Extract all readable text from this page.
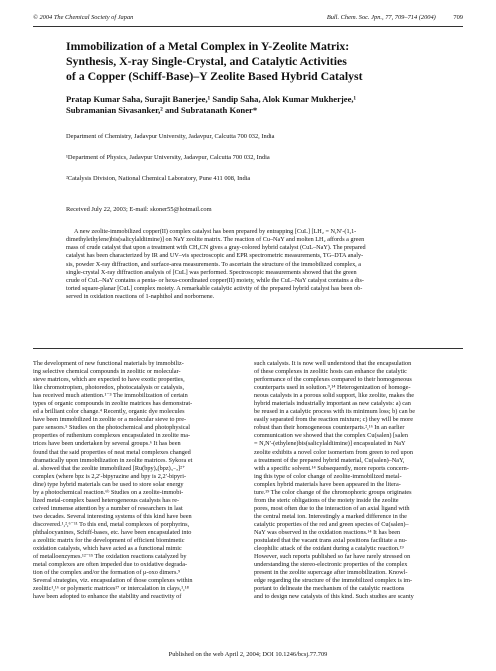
© 2004 The Chemical Society of Japan	Bull. Chem. Soc. Jpn., 77, 709–714 (2004)	709
Immobilization of a Metal Complex in Y-Zeolite Matrix:
Synthesis, X-ray Single-Crystal, and Catalytic Activities
of a Copper (Schiff-Base)–Y Zeolite Based Hybrid Catalyst
Pratap Kumar Saha, Surajit Banerjee,¹ Sandip Saha, Alok Kumar Mukherjee,¹
Subramanian Sivasanker,² and Subratanath Koner*
Department of Chemistry, Jadavpur University, Jadavpur, Calcutta 700 032, India
¹Department of Physics, Jadavpur University, Jadavpur, Calcutta 700 032, India
²Catalysis Division, National Chemical Laboratory, Pune 411 008, India
Received July 22, 2003; E-mail: skoner55@hotmail.com
A new zeolite-immobilized copper(II) complex catalyst has been prepared by entrapping [CuL] [LH₂ = N,N′-(1,1-
dimethylethylene)bis(salicylaldiimine)] on NaY zeolite matrix. The reaction of Cu–NaY and molten LH₂ affords a green
mass of crude catalyst that upon a treatment with CH₃CN gives a gray-colored hybrid catalyst (CuL–NaY). The prepared
catalyst has been characterized by IR and UV–vis spectroscopic and EPR spectrometric measurements, TG–DTA analy-
sis, powder X-ray diffraction, and surface-area measurements. To ascertain the structure of the immobilized complex, a
single-crystal X-ray diffraction analysis of [CuL] was performed. Spectroscopic measurements showed that the green
crude of CuL–NaY contains a penta- or hexa-coordinated copper(II) moiety, while the CuL–NaY catalyst contains a dis-
torted square-planar [CuL] complex moiety. A remarkable catalytic activity of the prepared hybrid catalyst has been ob-
served in oxidation reactions of 1-naphthol and norbornene.
The development of new functional materials by immobiliz-
ing selective chemical compounds in zeolitic or molecular-
sieve matrices, which are expected to have exotic properties,
like chromotropism, photoredox, photocatalysis or catalysis,
has received much attention.¹⁻³ The immobilization of certain
types of organic compounds in zeolite matrices has demonstrat-
ed a brilliant color change.⁴ Recently, organic dye molecules
have been immobilized in zeolite or a molecular sieve to pre-
pare sensors.⁵ Studies on the photochemical and photophysical
properties of ruthenium complexes encapsulated in zeolite ma-
trices have been undertaken by several groups.⁶ It has been
found that the said properties of neat metal complexes changed
dramatically upon immobilization in zeolite matrices. Sykora et
al. showed that the zeolite immobilized [Ru(bpy)ₓ(bpz)₃₋ₓ]²⁺
complex (where bpz is 2,2′-bipyrazine and bpy is 2,2′-bipyri-
dine) type hybrid materials can be used to store solar energy
by a photochemical reaction.⁶ᵇ Studies on a zeolite-immobi-
lized metal-complex based heterogeneous catalysts has re-
ceived immense attention by a number of researchers in last
two decades. Several interesting systems of this kind have been
discovered.¹,²,⁶⁻¹¹ To this end, metal complexes of porphyrins,
phthalocyanines, Schiff-bases, etc. have been encapsulated into
a zeolitic matrix for the development of efficient biomimetic
oxidation catalysts, which have acted as a functional mimic
of metalloenzymes.¹²⁻¹⁵ The oxidation reactions catalyzed by
metal complexes are often impeded due to oxidative degrada-
tion of the complex and/or the formation of μ-oxo dimers.⁹
Several strategies, viz. encapsulation of those complexes within
zeolitic¹,¹⁶ or polymeric matrices¹⁷ or intercalation in clays,¹,¹⁸
have been adopted to enhance the stability and reactivity of
such catalysts. It is now well understood that the encapsulation
of these complexes in zeolitic hosts can enhance the catalytic
performance of the complexes compared to their homogeneous
counterparts used in solution.⁹,¹⁴ Heterogenization of homoge-
neous catalysts in a porous solid support, like zeolite, makes the
hybrid materials industrially important as new catalysts: a) can
be reused in a catalytic process with its minimum loss; b) can be
easily separated from the reaction mixture; c) they will be more
robust than their homogeneous counterparts.²,¹⁶ In an earlier
communication we showed that the complex Cu(salen) [salen
= N,N′-(ethylene)bis(salicylaldiimine)] encapsulated in NaY
zeolite exhibits a novel color isomerism from green to red upon
a treatment of the prepared hybrid material, Cu(salen)–NaY,
with a specific solvent.¹⁴ Subsequently, more reports concern-
ing this type of color change of zeolite-immobilized metal-
complex hybrid materials have been appeared in the litera-
ture.¹⁹ The color change of the chromophoric groups originates
from the steric obligations of the moiety inside the zeolite
pores, most often due to the interaction of an axial ligand with
the central metal ion. Interestingly a marked difference in the
catalytic properties of the red and green species of Cu(salen)–
NaY was observed in the oxidation reactions.¹⁴ It has been
postulated that the vacant trans axial positions facilitate a nu-
cleophilic attack of the oxidant during a catalytic reaction.¹⁹
However, such reports published so far have rarely stressed on
understanding the stereo-electronic properties of the complex
present in the zeolite supercage after immobilization. Knowl-
edge regarding the structure of the immobilized complex is im-
portant to delineate the mechanism of the catalytic reactions
and to design new catalysts of this kind. Such studies are scanty
Published on the web April 2, 2004; DOI 10.1246/bcsj.77.709
